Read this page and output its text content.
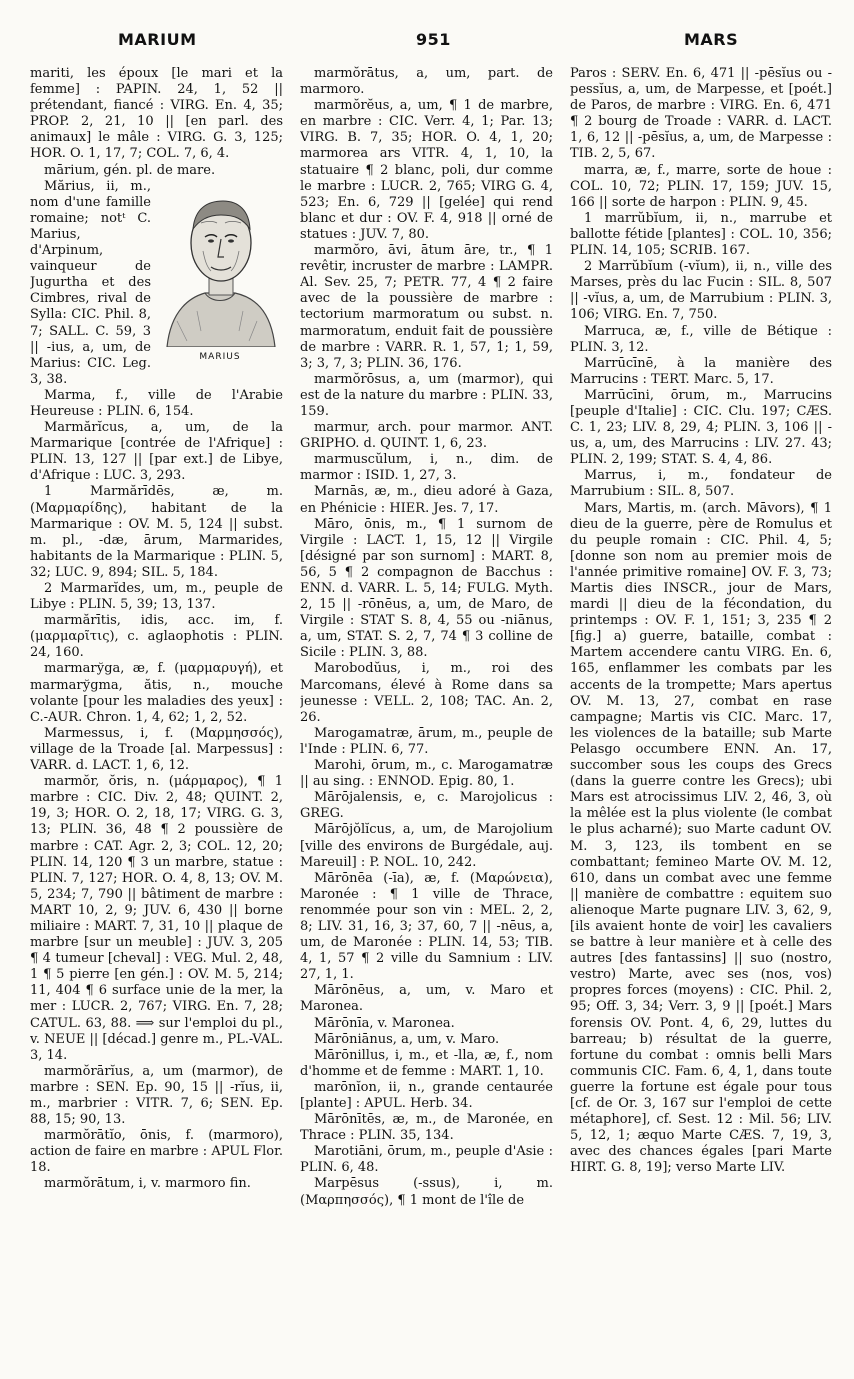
MARIUM	951	MARS

mariti, les époux [le mari et la femme] : PAPIN. 24, 1, 52 || prétendant, fiancé : VIRG. En. 4, 35; PROP. 2, 21, 10 || [en parl. des animaux] le mâle : VIRG. G. 3, 125; HOR. O. 1, 17, 7; COL. 7, 6, 4.

mārium, gén. pl. de mare.

MARIUS

Mărius, ii, m., nom d'une famille romaine; notᵗ C. Marius, d'Arpinum, vainqueur de Jugurtha et des Cimbres, rival de Sylla: CIC. Phil. 8, 7; SALL. C. 59, 3 || -ius, a, um, de Marius: CIC. Leg. 3, 38.

Marma, f., ville de l'Arabie Heureuse : PLIN. 6, 154.

Marmărĭcus, a, um, de la Marmarique [contrée de l'Afrique] : PLIN. 13, 127 || [par ext.] de Libye, d'Afrique : LUC. 3, 293.

1 Marmărīdēs, æ, m. (Μαρμαρίδης), habitant de la Marmarique : OV. M. 5, 124 || subst. m. pl., -dæ, ārum, Marmarides, habitants de la Marmarique : PLIN. 5, 32; LUC. 9, 894; SIL. 5, 184.

2 Marmarĭdes, um, m., peuple de Libye : PLIN. 5, 39; 13, 137.

marmărītis, idis, acc. im, f. (μαρμαρῖτις), c. aglaophotis : PLIN. 24, 160.

marmarўga, æ, f. (μαρμαρυγή), et marmarўgma, ătis, n., mouche volante [pour les maladies des yeux] : C.-AUR. Chron. 1, 4, 62; 1, 2, 52.

Marmessus, i, f. (Μαρμησσός), village de la Troade [al. Marpessus] : VARR. d. LACT. 1, 6, 12.

marmŏr, ŏris, n. (μάρμαρος), ¶ 1 marbre : CIC. Div. 2, 48; QUINT. 2, 19, 3; HOR. O. 2, 18, 17; VIRG. G. 3, 13; PLIN. 36, 48 ¶ 2 poussière de marbre : CAT. Agr. 2, 3; COL. 12, 20; PLIN. 14, 120 ¶ 3 un marbre, statue : PLIN. 7, 127; HOR. O. 4, 8, 13; OV. M. 5, 234; 7, 790 || bâtiment de marbre : MART 10, 2, 9; JUV. 6, 430 || borne miliaire : MART. 7, 31, 10 || plaque de marbre [sur un meuble] : JUV. 3, 205 ¶ 4 tumeur [cheval] : VEG. Mul. 2, 48, 1 ¶ 5 pierre [en gén.] : OV. M. 5, 214; 11, 404 ¶ 6 surface unie de la mer, la mer : LUCR. 2, 767; VIRG. En. 7, 28; CATUL. 63, 88. ⟹ sur l'emploi du pl., v. NEUE || [décad.] genre m., PL.-VAL. 3, 14.

marmŏrārĭus, a, um (marmor), de marbre : SEN. Ep. 90, 15 || -rĭus, ii, m., marbrier : VITR. 7, 6; SEN. Ep. 88, 15; 90, 13.

marmŏrātĭo, ōnis, f. (marmoro), action de faire en marbre : APUL Flor. 18.

marmŏrātum, i, v. marmoro fin.

marmŏrātus, a, um, part. de marmoro.

marmŏrĕus, a, um, ¶ 1 de marbre, en marbre : CIC. Verr. 4, 1; Par. 13; VIRG. B. 7, 35; HOR. O. 4, 1, 20; marmorea ars VITR. 4, 1, 10, la statuaire ¶ 2 blanc, poli, dur comme le marbre : LUCR. 2, 765; VIRG G. 4, 523; En. 6, 729 || [gelée] qui rend blanc et dur : OV. F. 4, 918 || orné de statues : JUV. 7, 80.

marmŏro, āvi, ātum āre, tr., ¶ 1 revêtir, incruster de marbre : LAMPR. Al. Sev. 25, 7; PETR. 77, 4 ¶ 2 faire avec de la poussière de marbre : tectorium marmoratum ou subst. n. marmoratum, enduit fait de poussière de marbre : VARR. R. 1, 57, 1; 1, 59, 3; 3, 7, 3; PLIN. 36, 176.

marmŏrōsus, a, um (marmor), qui est de la nature du marbre : PLIN. 33, 159.

marmur, arch. pour marmor. ANT. GRIPHO. d. QUINT. 1, 6, 23.

marmuscŭlum, i, n., dim. de marmor : ISID. 1, 27, 3.

Marnās, æ, m., dieu adoré à Gaza, en Phénicie : HIER. Jes. 7, 17.

Māro, ōnis, m., ¶ 1 surnom de Virgile : LACT. 1, 15, 12 || Virgile [désigné par son surnom] : MART. 8, 56, 5 ¶ 2 compagnon de Bacchus : ENN. d. VARR. L. 5, 14; FULG. Myth. 2, 15 || -rōnēus, a, um, de Maro, de Virgile : STAT S. 8, 4, 55 ou -niānus, a, um, STAT. S. 2, 7, 74 ¶ 3 colline de Sicile : PLIN. 3, 88.

Marobodŭus, i, m., roi des Marcomans, élevé à Rome dans sa jeunesse : VELL. 2, 108; TAC. An. 2, 26.

Marogamatræ, ārum, m., peuple de l'Inde : PLIN. 6, 77.

Marohi, ōrum, m., c. Marogamatræ || au sing. : ENNOD. Epig. 80, 1.

Mārōjalensis, e, c. Marojolicus : GREG.

Mārōjŏlĭcus, a, um, de Marojolium [ville des environs de Burgédale, auj. Mareuil] : P. NOL. 10, 242.

Mārōnēa (-īa), æ, f. (Μαρώνεια), Maronée : ¶ 1 ville de Thrace, renommée pour son vin : MEL. 2, 2, 8; LIV. 31, 16, 3; 37, 60, 7 || -nēus, a, um, de Maronée : PLIN. 14, 53; TIB. 4, 1, 57 ¶ 2 ville du Samnium : LIV. 27, 1, 1.

Mārōnēus, a, um, v. Maro et Maronea.

Mārōnīa, v. Maronea.

Mārōniānus, a, um, v. Maro.

Mārōnillus, i, m., et -lla, æ, f., nom d'homme et de femme : MART. 1, 10.

marōnĭon, ii, n., grande centaurée [plante] : APUL. Herb. 34.

Mārōnītēs, æ, m., de Maronée, en Thrace : PLIN. 35, 134.

Marotiāni, ōrum, m., peuple d'Asie : PLIN. 6, 48.

Marpēsus (-ssus), i, m. (Μαρπησσός), ¶ 1 mont de l'île de

Paros : SERV. En. 6, 471 || -pēsĭus ou -pessĭus, a, um, de Marpesse, et [poét.] de Paros, de marbre : VIRG. En. 6, 471 ¶ 2 bourg de Troade : VARR. d. LACT. 1, 6, 12 || -pēsĭus, a, um, de Marpesse : TIB. 2, 5, 67.

marra, æ, f., marre, sorte de houe : COL. 10, 72; PLIN. 17, 159; JUV. 15, 166 || sorte de harpon : PLIN. 9, 45.

1 marrŭbĭum, ii, n., marrube et ballotte fétide [plantes] : COL. 10, 356; PLIN. 14, 105; SCRIB. 167.

2 Marrŭbĭum (-vĭum), ii, n., ville des Marses, près du lac Fucin : SIL. 8, 507 || -vĭus, a, um, de Marrubium : PLIN. 3, 106; VIRG. En. 7, 750.

Marruca, æ, f., ville de Bétique : PLIN. 3, 12.

Marrūcīnē, à la manière des Marrucins : TERT. Marc. 5, 17.

Marrūcīni, ōrum, m., Marrucins [peuple d'Italie] : CIC. Clu. 197; CÆS. C. 1, 23; LIV. 8, 29, 4; PLIN. 3, 106 || -us, a, um, des Marrucins : LIV. 27. 43; PLIN. 2, 199; STAT. S. 4, 4, 86.

Marrus, i, m., fondateur de Marrubium : SIL. 8, 507.

Mars, Martis, m. (arch. Māvors), ¶ 1 dieu de la guerre, père de Romulus et du peuple romain : CIC. Phil. 4, 5; [donne son nom au premier mois de l'année primitive romaine] OV. F. 3, 73; Martis dies INSCR., jour de Mars, mardi || dieu de la fécondation, du printemps : OV. F. 1, 151; 3, 235 ¶ 2 [fig.] a) guerre, bataille, combat : Martem accendere cantu VIRG. En. 6, 165, enflammer les combats par les accents de la trompette; Mars apertus OV. M. 13, 27, combat en rase campagne; Martis vis CIC. Marc. 17, les violences de la bataille; sub Marte Pelasgo occumbere ENN. An. 17, succomber sous les coups des Grecs (dans la guerre contre les Grecs); ubi Mars est atrocissimus LIV. 2, 46, 3, où la mêlée est la plus violente (le combat le plus acharné); suo Marte cadunt OV. M. 3, 123, ils tombent en se combattant; femineo Marte OV. M. 12, 610, dans un combat avec une femme || manière de combattre : equitem suo alienoque Marte pugnare LIV. 3, 62, 9, [ils avaient honte de voir] les cavaliers se battre à leur manière et à celle des autres [des fantassins] || suo (nostro, vestro) Marte, avec ses (nos, vos) propres forces (moyens) : CIC. Phil. 2, 95; Off. 3, 34; Verr. 3, 9 || [poét.] Mars forensis OV. Pont. 4, 6, 29, luttes du barreau; b) résultat de la guerre, fortune du combat : omnis belli Mars communis CIC. Fam. 6, 4, 1, dans toute guerre la fortune est égale pour tous [cf. de Or. 3, 167 sur l'emploi de cette métaphore], cf. Sest. 12 : Mil. 56; LIV. 5, 12, 1; æquo Marte CÆS. 7, 19, 3, avec des chances égales [pari Marte HIRT. G. 8, 19]; verso Marte LIV.
